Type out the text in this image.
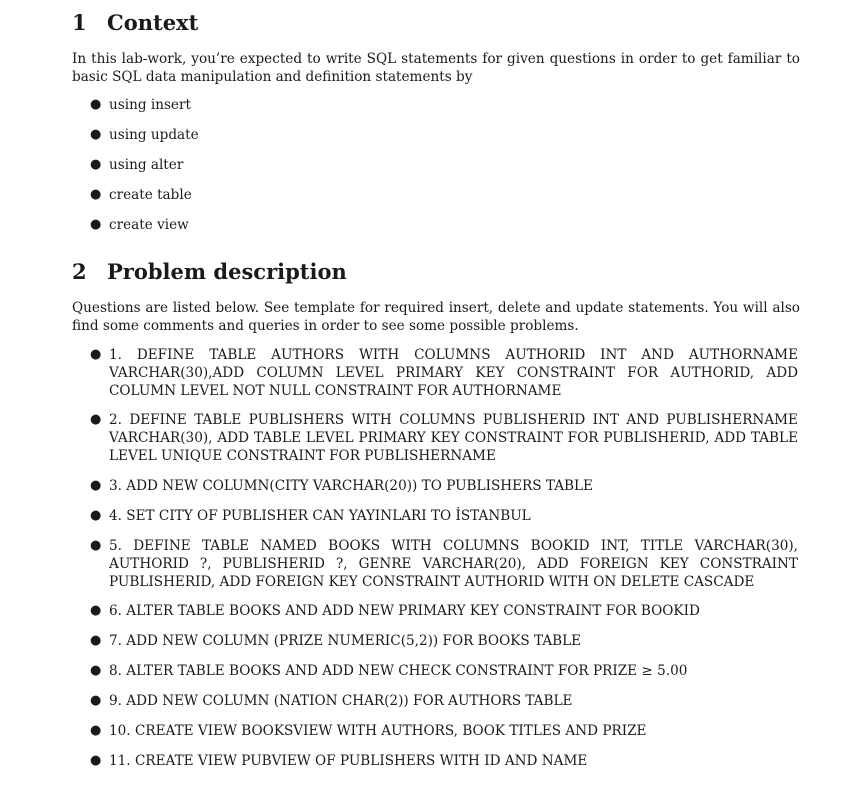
1 Context
In this lab-work, you’re expected to write SQL statements for given questions in order to get familiar to basic SQL data manipulation and definition statements by
● using insert
● using update
● using alter
● create table
● create view
2 Problem description
Questions are listed below. See template for required insert, delete and update statements. You will also find some comments and queries in order to see some possible problems.
● 1. DEFINE TABLE AUTHORS WITH COLUMNS AUTHORID INT AND AUTHORNAME VARCHAR(30),ADD COLUMN LEVEL PRIMARY KEY CONSTRAINT FOR AUTHORID, ADD COLUMN LEVEL NOT NULL CONSTRAINT FOR AUTHORNAME
● 2. DEFINE TABLE PUBLISHERS WITH COLUMNS PUBLISHERID INT AND PUBLISHERNAME VARCHAR(30), ADD TABLE LEVEL PRIMARY KEY CONSTRAINT FOR PUBLISHERID, ADD TABLE LEVEL UNIQUE CONSTRAINT FOR PUBLISHERNAME
● 3. ADD NEW COLUMN(CITY VARCHAR(20)) TO PUBLISHERS TABLE
● 4. SET CITY OF PUBLISHER CAN YAYINLARI TO İSTANBUL
● 5. DEFINE TABLE NAMED BOOKS WITH COLUMNS BOOKID INT, TITLE VARCHAR(30), AUTHORID ?, PUBLISHERID ?, GENRE VARCHAR(20), ADD FOREIGN KEY CONSTRAINT PUBLISHERID, ADD FOREIGN KEY CONSTRAINT AUTHORID WITH ON DELETE CASCADE
● 6. ALTER TABLE BOOKS AND ADD NEW PRIMARY KEY CONSTRAINT FOR BOOKID
● 7. ADD NEW COLUMN (PRIZE NUMERIC(5,2)) FOR BOOKS TABLE
● 8. ALTER TABLE BOOKS AND ADD NEW CHECK CONSTRAINT FOR PRIZE ≥ 5.00
● 9. ADD NEW COLUMN (NATION CHAR(2)) FOR AUTHORS TABLE
● 10. CREATE VIEW BOOKSVIEW WITH AUTHORS, BOOK TITLES AND PRIZE
● 11. CREATE VIEW PUBVIEW OF PUBLISHERS WITH ID AND NAME
